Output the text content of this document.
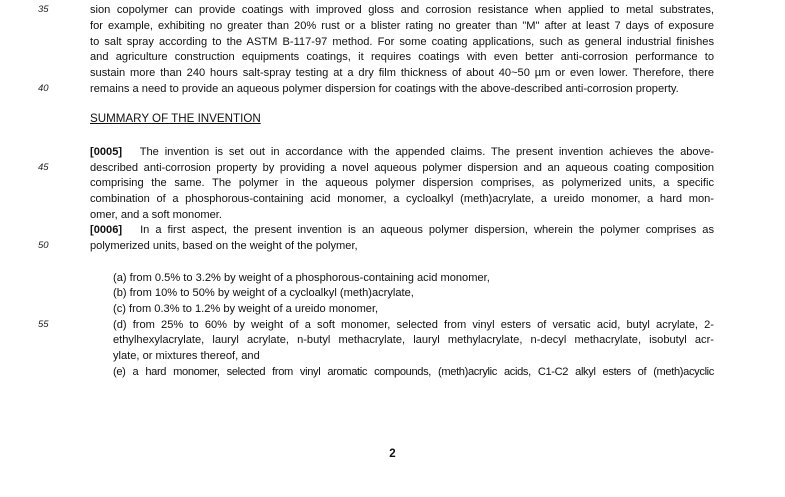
35
40
45
50
55
sion copolymer can provide coatings with improved gloss and corrosion resistance when applied to metal substrates,
for example, exhibiting no greater than 20% rust or a blister rating no greater than "M" after at least 7 days of exposure
to salt spray according to the ASTM B-117-97 method. For some coating applications, such as general industrial finishes
and agriculture construction equipments coatings, it requires coatings with even better anti-corrosion performance to
sustain more than 240 hours salt-spray testing at a dry film thickness of about 40~50 µm or even lower. Therefore, there
remains a need to provide an aqueous polymer dispersion for coatings with the above-described anti-corrosion property.
SUMMARY OF THE INVENTION
[0005] The invention is set out in accordance with the appended claims. The present invention achieves the above-
described anti-corrosion property by providing a novel aqueous polymer dispersion and an aqueous coating composition
comprising the same. The polymer in the aqueous polymer dispersion comprises, as polymerized units, a specific
combination of a phosphorous-containing acid monomer, a cycloalkyl (meth)acrylate, a ureido monomer, a hard mon-
omer, and a soft monomer.
[0006] In a first aspect, the present invention is an aqueous polymer dispersion, wherein the polymer comprises as
polymerized units, based on the weight of the polymer,
(a) from 0.5% to 3.2% by weight of a phosphorous-containing acid monomer,
(b) from 10% to 50% by weight of a cycloalkyl (meth)acrylate,
(c) from 0.3% to 1.2% by weight of a ureido monomer,
(d) from 25% to 60% by weight of a soft monomer, selected from vinyl esters of versatic acid, butyl acrylate, 2-
ethylhexylacrylate, lauryl acrylate, n-butyl methacrylate, lauryl methylacrylate, n-decyl methacrylate, isobutyl acr-
ylate, or mixtures thereof, and
(e) a hard monomer, selected from vinyl aromatic compounds, (meth)acrylic acids, C1-C2 alkyl esters of (meth)acyclic
2
